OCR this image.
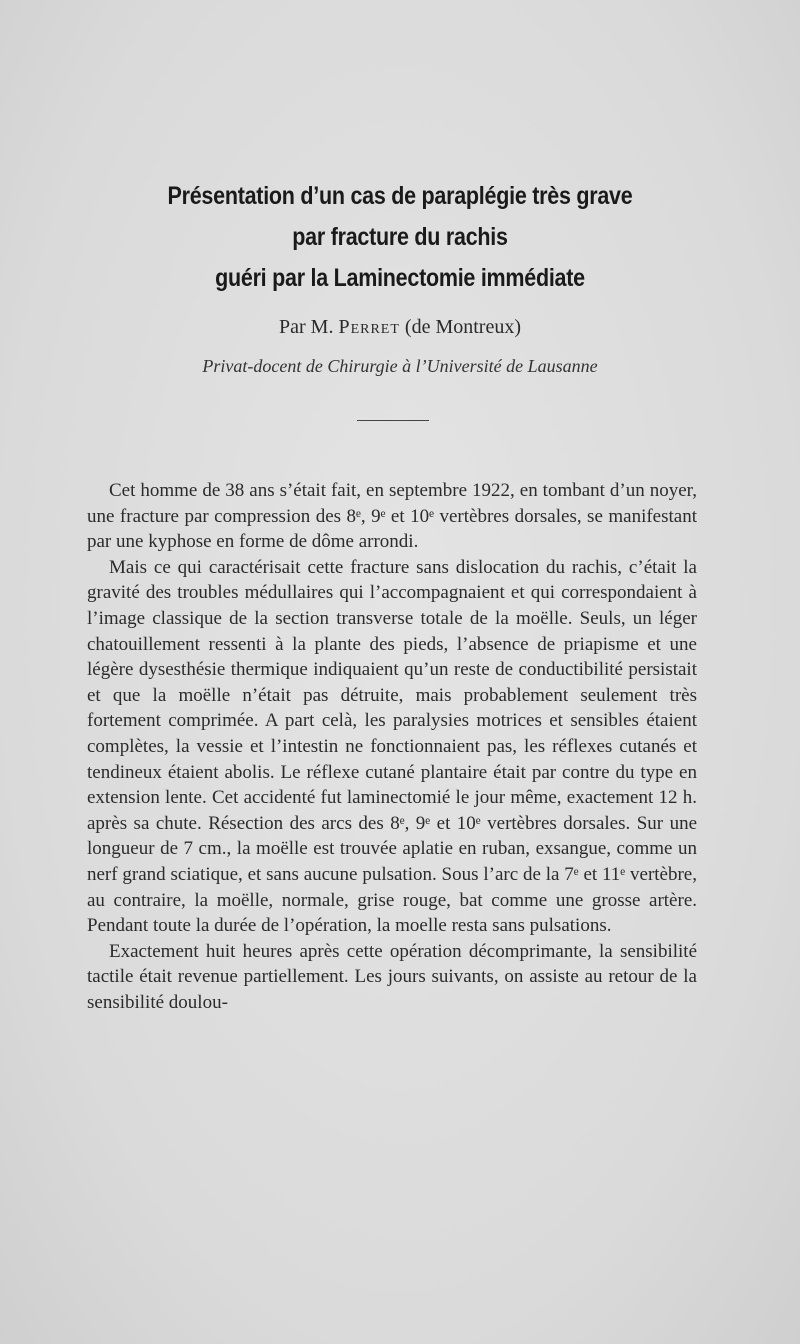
Présentation d’un cas de paraplégie très grave
par fracture du rachis
guéri par la Laminectomie immédiate
Par M. Perret (de Montreux)
Privat-docent de Chirurgie à l’Université de Lausanne

Cet homme de 38 ans s’était fait, en septembre 1922, en tombant d’un noyer, une fracture par compression des 8ᵉ, 9ᵉ et 10ᵉ vertèbres dorsales, se manifestant par une kyphose en forme de dôme arrondi.

Mais ce qui caractérisait cette fracture sans dislocation du rachis, c’était la gravité des troubles médullaires qui l’accompagnaient et qui correspondaient à l’image classique de la section transverse totale de la moëlle. Seuls, un léger chatouillement ressenti à la plante des pieds, l’absence de priapisme et une légère dysesthésie thermique indiquaient qu’un reste de conductibilité persistait et que la moëlle n’était pas détruite, mais probablement seulement très fortement comprimée. A part celà, les paralysies motrices et sensibles étaient complètes, la vessie et l’intestin ne fonctionnaient pas, les réflexes cutanés et tendineux étaient abolis. Le réflexe cutané plantaire était par contre du type en extension lente. Cet accidenté fut laminectomié le jour même, exactement 12 h. après sa chute. Résection des arcs des 8ᵉ, 9ᵉ et 10ᵉ vertèbres dorsales. Sur une longueur de 7 cm., la moëlle est trouvée aplatie en ruban, exsangue, comme un nerf grand sciatique, et sans aucune pulsation. Sous l’arc de la 7ᵉ et 11ᵉ vertèbre, au contraire, la moëlle, normale, grise rouge, bat comme une grosse artère. Pendant toute la durée de l’opération, la moelle resta sans pulsations.

Exactement huit heures après cette opération décomprimante, la sensibilité tactile était revenue partiellement. Les jours suivants, on assiste au retour de la sensibilité doulou-
